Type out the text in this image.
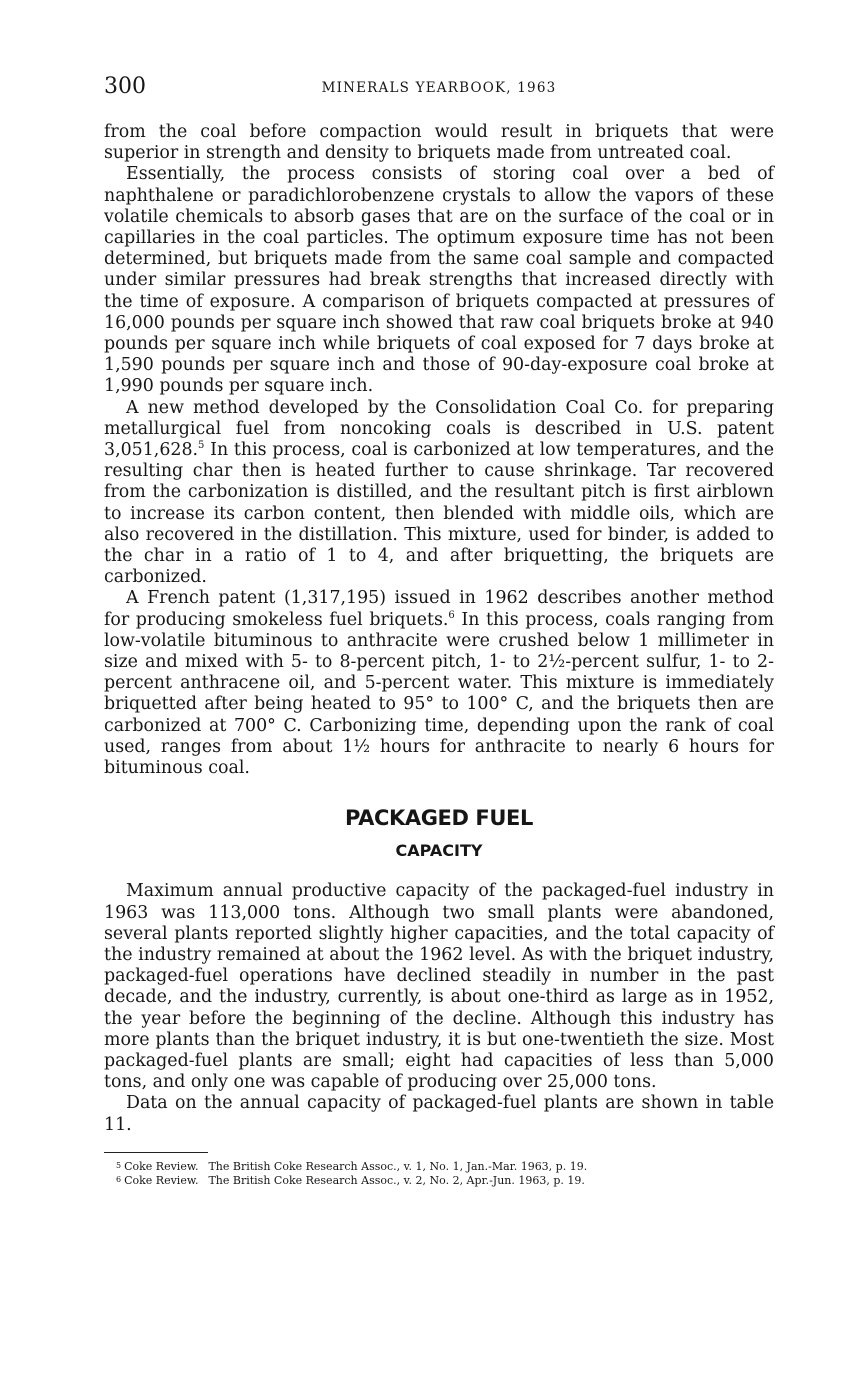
300	MINERALS YEARBOOK, 1963

from the coal before compaction would result in briquets that were superior in strength and density to briquets made from untreated coal.

Essentially, the process consists of storing coal over a bed of naphthalene or paradichlorobenzene crystals to allow the vapors of these volatile chemicals to absorb gases that are on the surface of the coal or in capillaries in the coal particles. The optimum exposure time has not been determined, but briquets made from the same coal sample and compacted under similar pressures had break strengths that increased directly with the time of exposure. A comparison of briquets compacted at pressures of 16,000 pounds per square inch showed that raw coal briquets broke at 940 pounds per square inch while briquets of coal exposed for 7 days broke at 1,590 pounds per square inch and those of 90-day-exposure coal broke at 1,990 pounds per square inch.

A new method developed by the Consolidation Coal Co. for preparing metallurgical fuel from noncoking coals is described in U.S. patent 3,051,628.$^5$ In this process, coal is carbonized at low temperatures, and the resulting char then is heated further to cause shrinkage. Tar recovered from the carbonization is distilled, and the resultant pitch is first airblown to increase its carbon content, then blended with middle oils, which are also recovered in the distillation. This mixture, used for binder, is added to the char in a ratio of 1 to 4, and after briquetting, the briquets are carbonized.

A French patent (1,317,195) issued in 1962 describes another method for producing smokeless fuel briquets.$^6$ In this process, coals ranging from low-volatile bituminous to anthracite were crushed below 1 millimeter in size and mixed with 5- to 8-percent pitch, 1- to 2½-percent sulfur, 1- to 2-percent anthracene oil, and 5-percent water. This mixture is immediately briquetted after being heated to 95° to 100° C, and the briquets then are carbonized at 700° C. Carbonizing time, depending upon the rank of coal used, ranges from about 1½ hours for anthracite to nearly 6 hours for bituminous coal.

PACKAGED FUEL
CAPACITY

Maximum annual productive capacity of the packaged-fuel industry in 1963 was 113,000 tons. Although two small plants were abandoned, several plants reported slightly higher capacities, and the total capacity of the industry remained at about the 1962 level. As with the briquet industry, packaged-fuel operations have declined steadily in number in the past decade, and the industry, currently, is about one-third as large as in 1952, the year before the beginning of the decline. Although this industry has more plants than the briquet industry, it is but one-twentieth the size. Most packaged-fuel plants are small; eight had capacities of less than 5,000 tons, and only one was capable of producing over 25,000 tons.

Data on the annual capacity of packaged-fuel plants are shown in table 11.

5 Coke Review. The British Coke Research Assoc., v. 1, No. 1, Jan.-Mar. 1963, p. 19.
6 Coke Review. The British Coke Research Assoc., v. 2, No. 2, Apr.-Jun. 1963, p. 19.
